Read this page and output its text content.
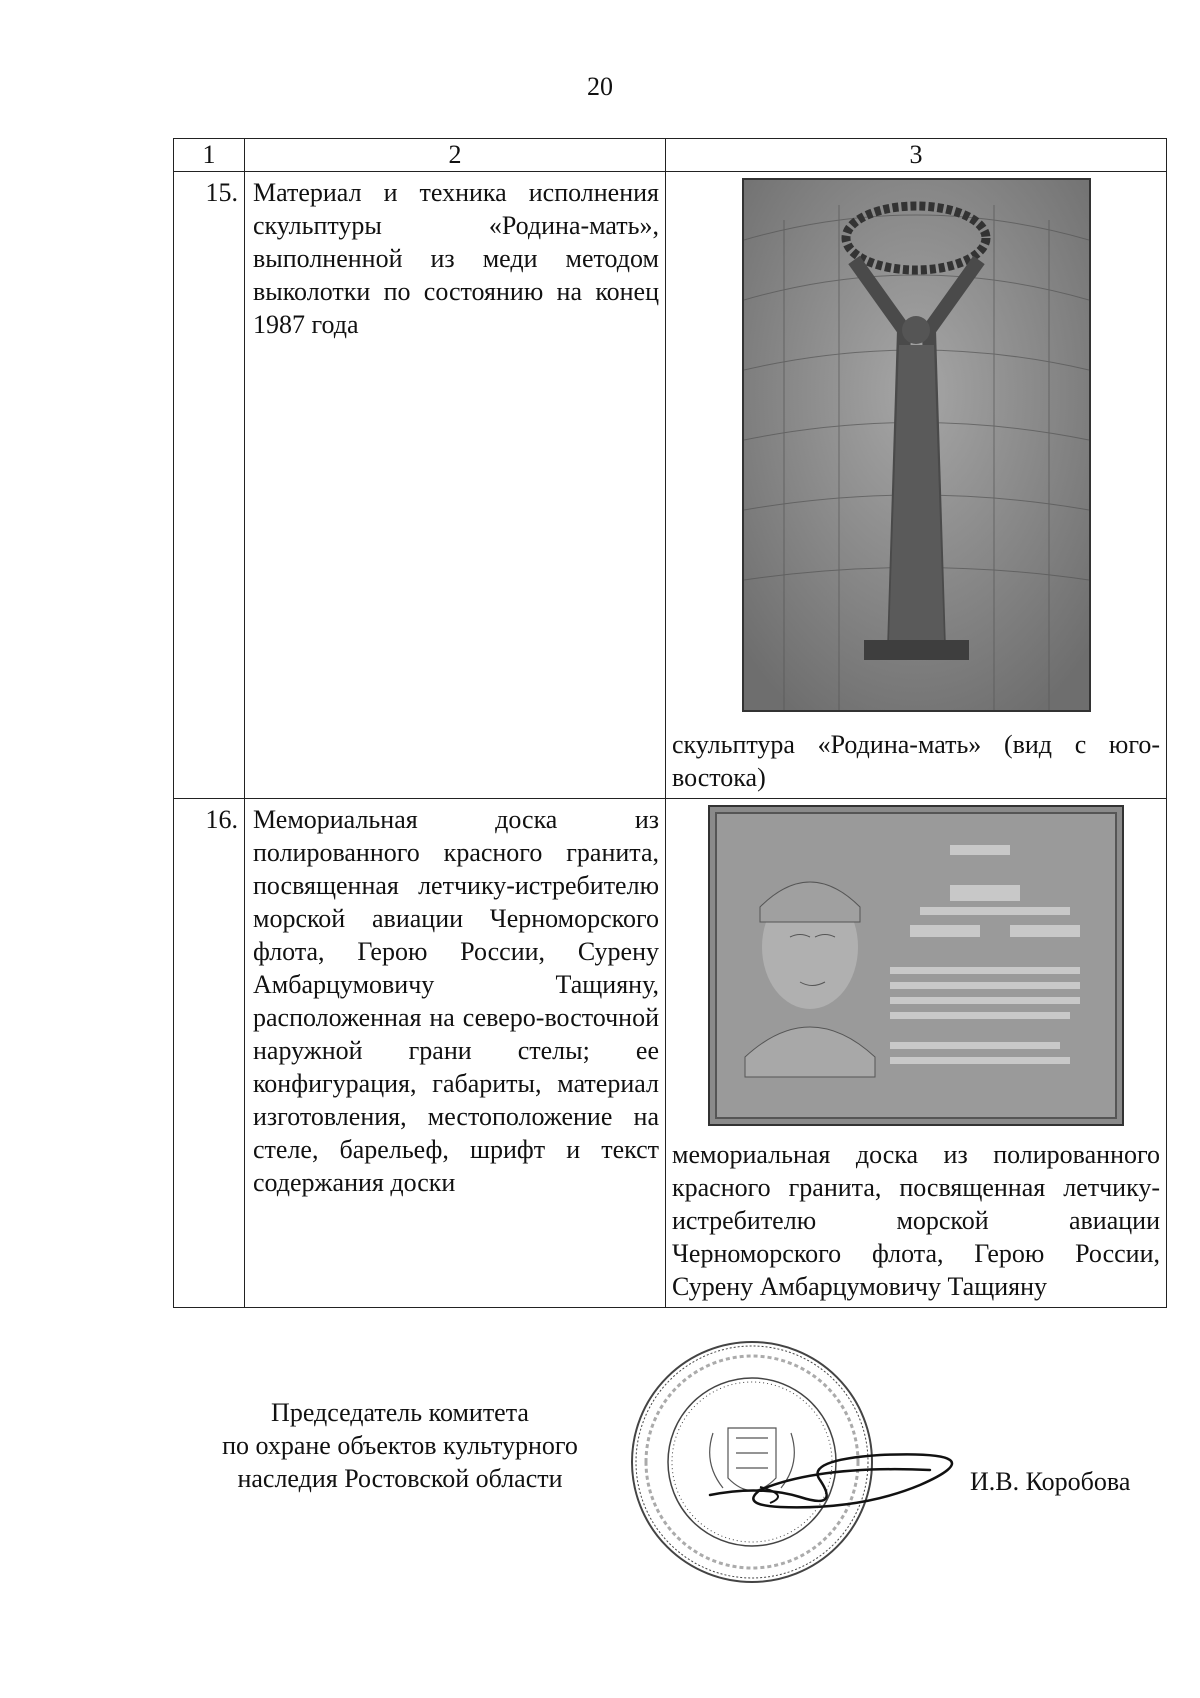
20
1	2	3
15.	Материал и техника исполнения скульптуры «Родина-мать», выполненной из меди методом выколотки по состоянию на конец 1987 года	скульптура «Родина-мать» (вид с юго-востока)

16.	Мемориальная доска из полированного красного гранита, посвященная летчику-истребителю морской авиации Черноморского флота, Герою России, Сурену Амбарцумовичу Тащияну, расположенная на северо-восточной наружной грани стелы; ее конфигурация, габариты, материал изготовления, местоположение на стеле, барельеф, шрифт и текст содержания доски	мемориальная доска из полированного красного гранита, посвященная летчику-истребителю морской авиации Черноморского флота, Герою России, Сурену Амбарцумовичу Тащияну
Председатель комитета
по охране объектов культурного
наследия Ростовской области	И.В. Коробова
